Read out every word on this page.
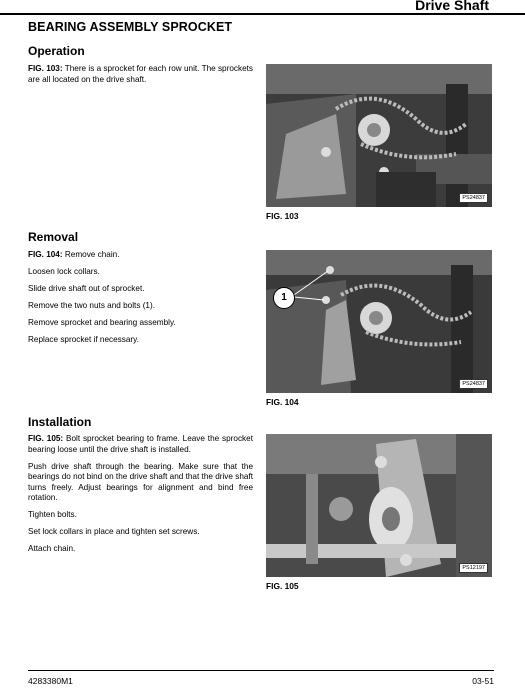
Drive Shaft
BEARING ASSEMBLY SPROCKET
Operation

FIG. 103: There is a sprocket for each row unit. The sprockets are all located on the drive shaft.

PS24837
FIG. 103
Removal

FIG. 104: Remove chain.

Loosen lock collars.

Slide drive shaft out of sprocket.

Remove the two nuts and bolts (1).

Remove sprocket and bearing assembly.

Replace sprocket if necessary.

1
PS24837
FIG. 104
Installation

FIG. 105: Bolt sprocket bearing to frame. Leave the sprocket bearing loose until the drive shaft is installed.

Push drive shaft through the bearing. Make sure that the bearings do not bind on the drive shaft and that the drive shaft turns freely. Adjust bearings for alignment and bind free rotation.

Tighten bolts.

Set lock collars in place and tighten set screws.

Attach chain.

PS12197
FIG. 105
4283380M1	03-51
